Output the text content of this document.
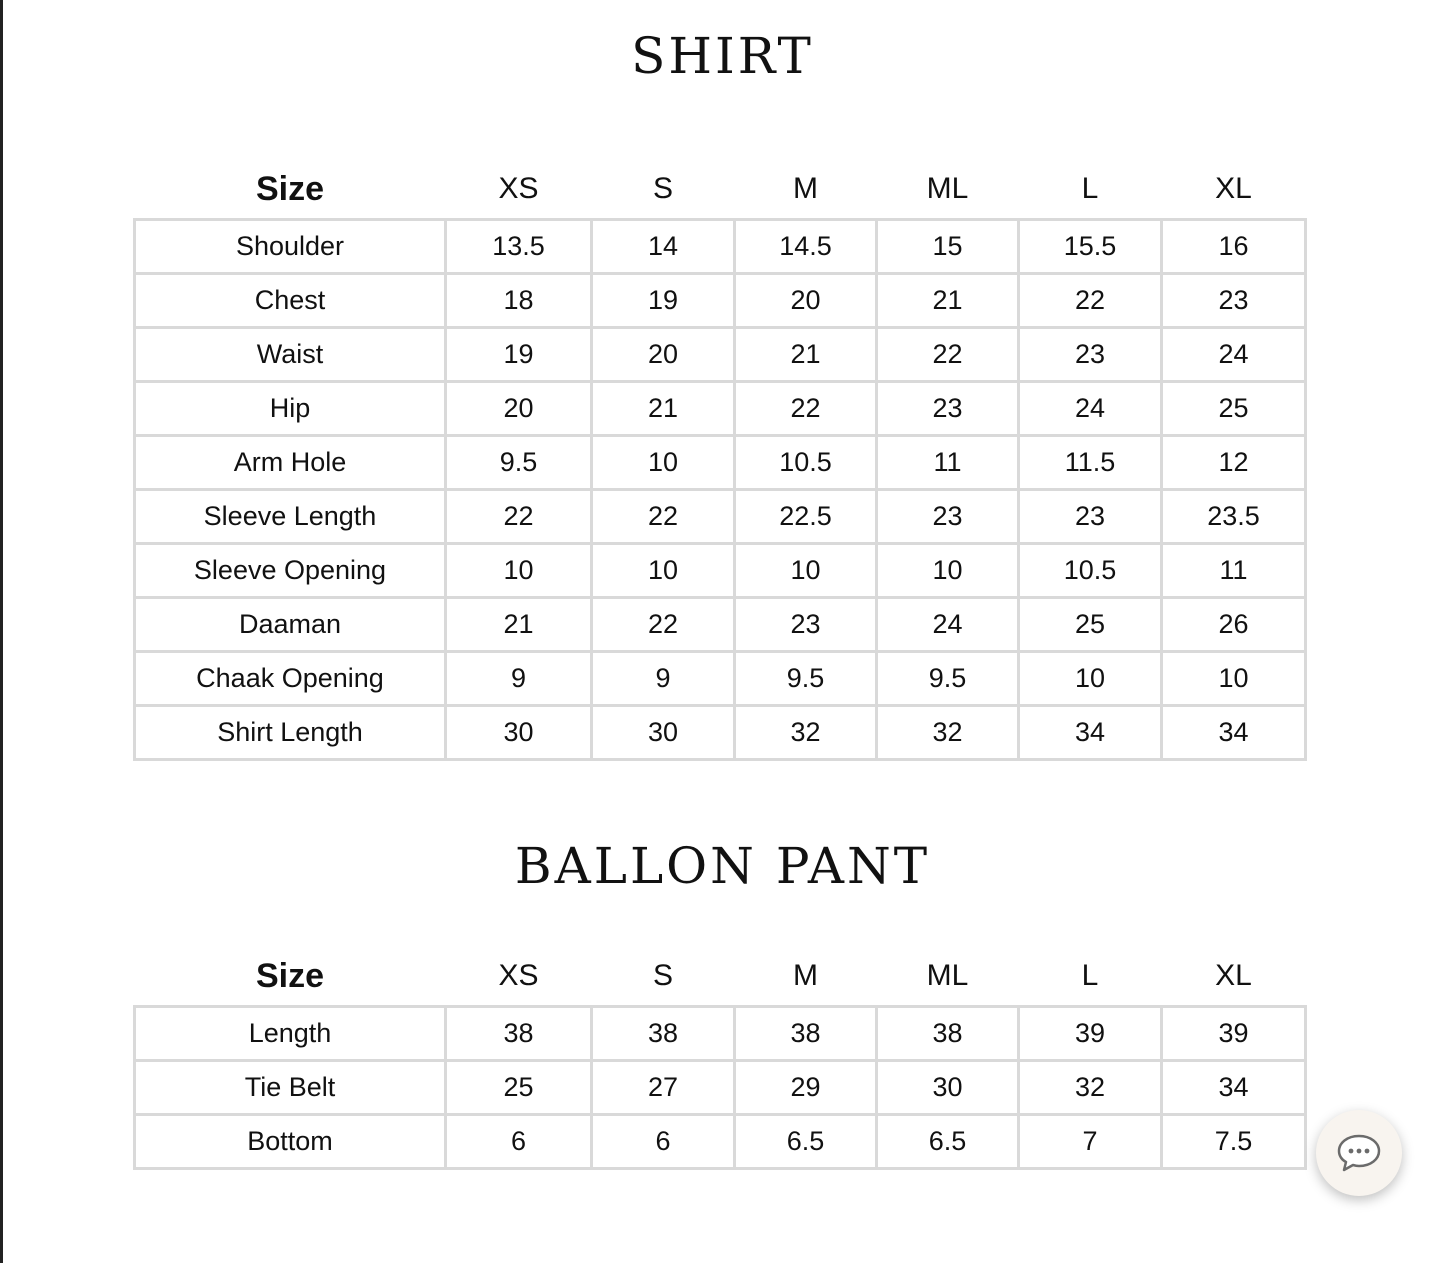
SHIRT
Size	XS	S	M	ML	L	XL
Shoulder	13.5	14	14.5	15	15.5	16
Chest	18	19	20	21	22	23
Waist	19	20	21	22	23	24
Hip	20	21	22	23	24	25
Arm Hole	9.5	10	10.5	11	11.5	12
Sleeve Length	22	22	22.5	23	23	23.5
Sleeve Opening	10	10	10	10	10.5	11
Daaman	21	22	23	24	25	26
Chaak Opening	9	9	9.5	9.5	10	10
Shirt Length	30	30	32	32	34	34
BALLON PANT
Size	XS	S	M	ML	L	XL
Length	38	38	38	38	39	39
Tie Belt	25	27	29	30	32	34
Bottom	6	6	6.5	6.5	7	7.5
